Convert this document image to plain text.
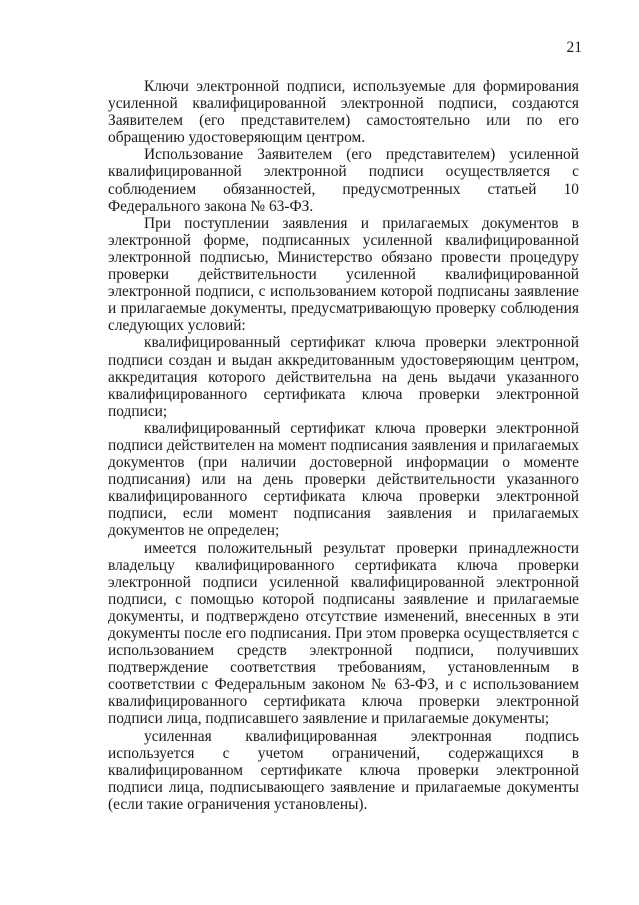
21

Ключи электронной подписи, используемые для формирования усиленной квалифицированной электронной подписи, создаются Заявителем (его представителем) самостоятельно или по его обращению удостоверяющим центром.

Использование Заявителем (его представителем) усиленной квалифицированной электронной подписи осуществляется с соблюдением обязанностей, предусмотренных статьей 10 Федерального закона № 63-ФЗ.

При поступлении заявления и прилагаемых документов в электронной форме, подписанных усиленной квалифицированной электронной подписью, Министерство обязано провести процедуру проверки действительности усиленной квалифицированной электронной подписи, с использованием которой подписаны заявление и прилагаемые документы, предусматривающую проверку соблюдения следующих условий:

квалифицированный сертификат ключа проверки электронной подписи создан и выдан аккредитованным удостоверяющим центром, аккредитация которого действительна на день выдачи указанного квалифицированного сертификата ключа проверки электронной подписи;

квалифицированный сертификат ключа проверки электронной подписи действителен на момент подписания заявления и прилагаемых документов (при наличии достоверной информации о моменте подписания) или на день проверки действительности указанного квалифицированного сертификата ключа проверки электронной подписи, если момент подписания заявления и прилагаемых документов не определен;

имеется положительный результат проверки принадлежности владельцу квалифицированного сертификата ключа проверки электронной подписи усиленной квалифицированной электронной подписи, с помощью которой подписаны заявление и прилагаемые документы, и подтверждено отсутствие изменений, внесенных в эти документы после его подписания. При этом проверка осуществляется с использованием средств электронной подписи, получивших подтверждение соответствия требованиям, установленным в соответствии с Федеральным законом № 63-ФЗ, и с использованием квалифицированного сертификата ключа проверки электронной подписи лица, подписавшего заявление и прилагаемые документы;

усиленная квалифицированная электронная подпись используется с учетом ограничений, содержащихся в квалифицированном сертификате ключа проверки электронной подписи лица, подписывающего заявление и прилагаемые документы (если такие ограничения установлены).
